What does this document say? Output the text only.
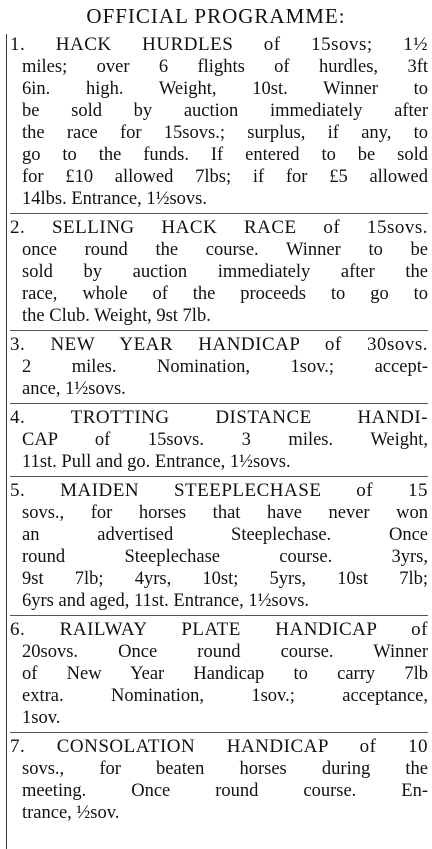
OFFICIAL PROGRAMME:
1. HACK HURDLES of 15sovs; 1½
miles; over 6 flights of hurdles, 3ft
6in. high. Weight, 10st. Winner to
be sold by auction immediately after
the race for 15sovs.; surplus, if any, to
go to the funds. If entered to be sold
for £10 allowed 7lbs; if for £5 allowed
14lbs. Entrance, 1½sovs.
2. SELLING HACK RACE of 15sovs.
once round the course. Winner to be
sold by auction immediately after the
race, whole of the proceeds to go to
the Club. Weight, 9st 7lb.
3. NEW YEAR HANDICAP of 30sovs.
2 miles. Nomination, 1sov.; accept-
ance, 1½sovs.
4. TROTTING DISTANCE HANDI-
CAP of 15sovs. 3 miles. Weight,
11st. Pull and go. Entrance, 1½sovs.
5. MAIDEN STEEPLECHASE of 15
sovs., for horses that have never won
an advertised Steeplechase. Once
round Steeplechase course. 3yrs,
9st 7lb; 4yrs, 10st; 5yrs, 10st 7lb;
6yrs and aged, 11st. Entrance, 1½sovs.
6. RAILWAY PLATE HANDICAP of
20sovs. Once round course. Winner
of New Year Handicap to carry 7lb
extra. Nomination, 1sov.; acceptance,
1sov.
7. CONSOLATION HANDICAP of 10
sovs., for beaten horses during the
meeting. Once round course. En-
trance, ½sov.
